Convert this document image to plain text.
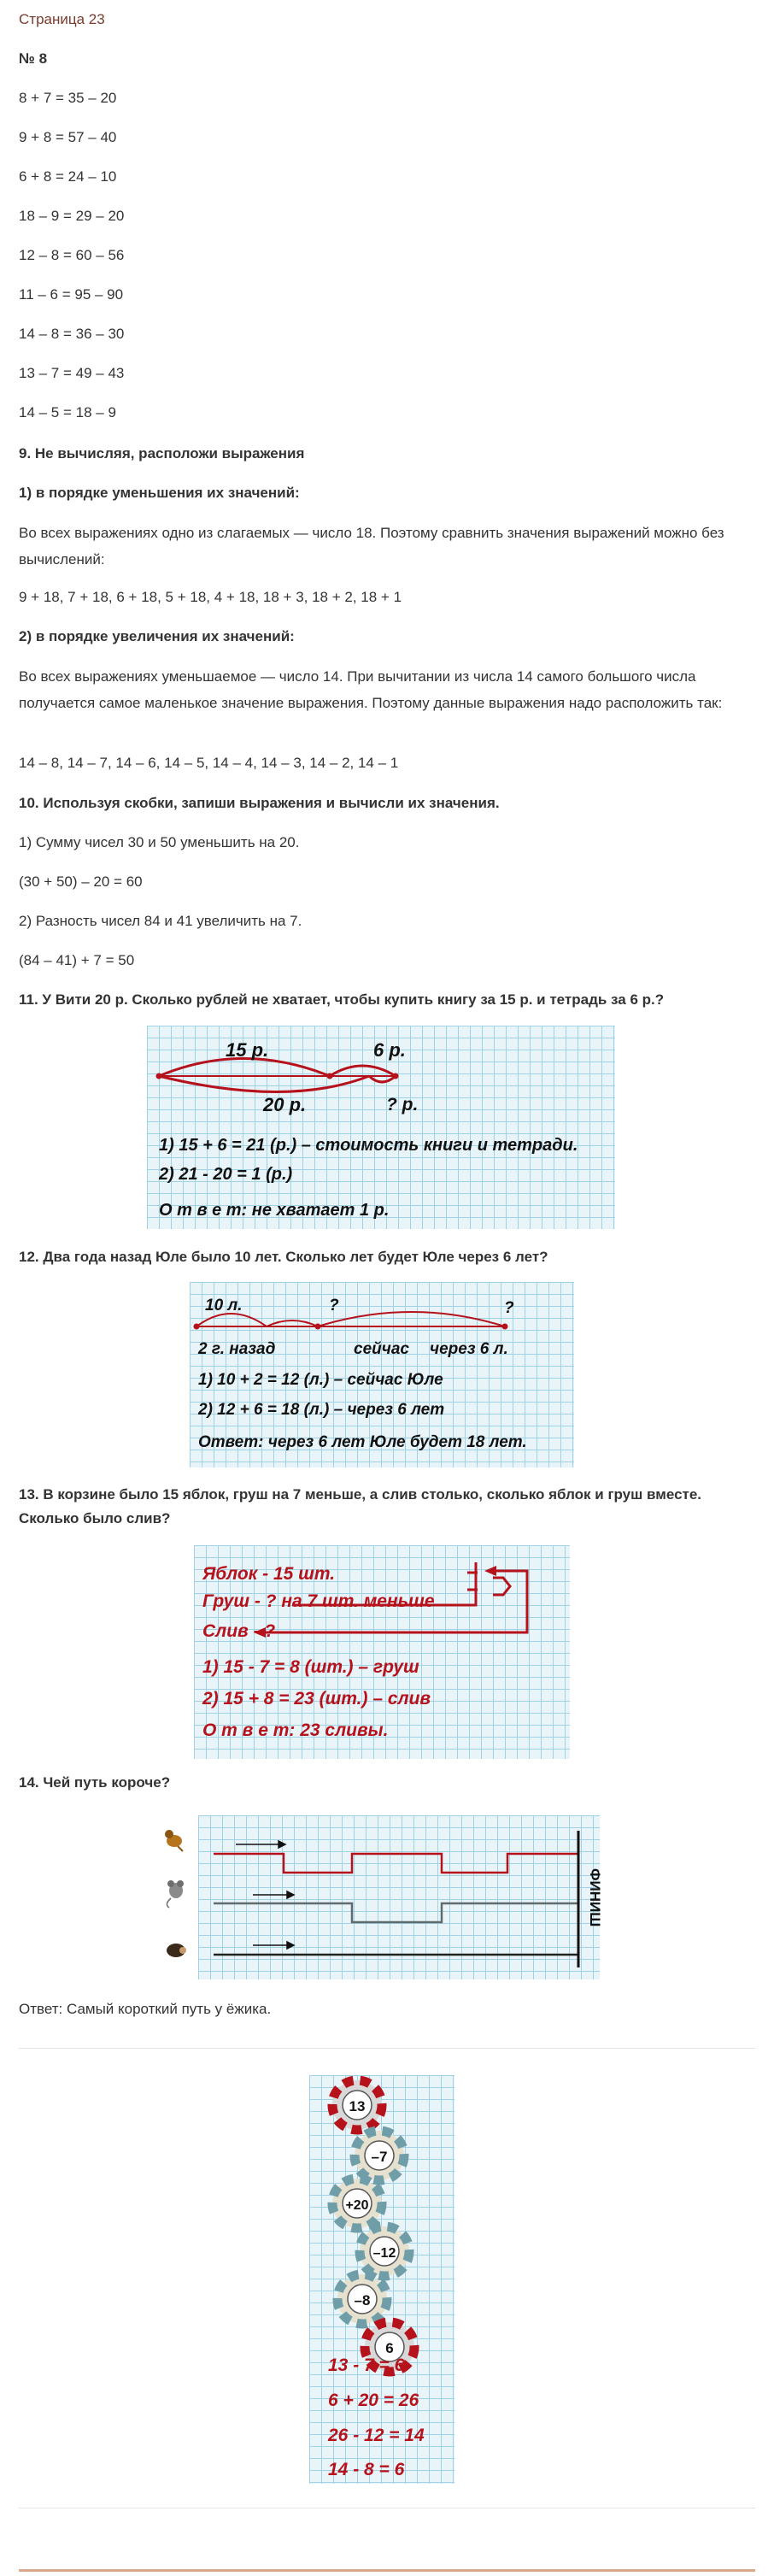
Страница 23

№ 8

8 + 7 = 35 – 20

9 + 8 = 57 – 40

6 + 8 = 24 – 10

18 – 9 = 29 – 20

12 – 8 = 60 – 56

11 – 6 = 95 – 90

14 – 8 = 36 – 30

13 – 7 = 49 – 43

14 – 5 = 18 – 9

9. Не вычисляя, расположи выражения

1) в порядке уменьшения их значений:

Во всех выражениях одно из слагаемых — число 18. Поэтому сравнить значения выражений можно без вычислений:

9 + 18, 7 + 18, 6 + 18, 5 + 18, 4 + 18, 18 + 3, 18 + 2, 18 + 1

2) в порядке увеличения их значений:

Во всех выражениях уменьшаемое — число 14. При вычитании из числа 14 самого большого числа получается самое маленькое значение выражения. Поэтому данные выражения надо расположить так:

14 – 8, 14 – 7, 14 – 6, 14 – 5, 14 – 4, 14 – 3, 14 – 2, 14 – 1

10. Используя скобки, запиши выражения и вычисли их значения.

1) Сумму чисел 30 и 50 уменьшить на 20.

(30 + 50) – 20 = 60

2) Разность чисел 84 и 41 увеличить на 7.

(84 – 41) + 7 = 50

11. У Вити 20 р. Сколько рублей не хватает, чтобы купить книгу за 15 р. и тетрадь за 6 р.?

15 р.	6 р.
20 р.	? р.
1) 15 + 6 = 21 (р.) – стоимость книги и тетради.
2) 21 - 20 = 1 (р.)
О т в е т: не хватает 1 р.

12. Два года назад Юле было 10 лет. Сколько лет будет Юле через 6 лет?

10 л.	?	?
2 г. назад	сейчас через 6 л.
1) 10 + 2 = 12 (л.) – сейчас Юле
2) 12 + 6 = 18 (л.) – через 6 лет
Ответ: через 6 лет Юле будет 18 лет.

13. В корзине было 15 яблок, груш на 7 меньше, а слив столько, сколько яблок и груш вместе.

Сколько было слив?

Яблок - 15 шт.
Груш - ? на 7 шт. меньше
Слив - ?
1) 15 - 7 = 8 (шт.) – груш
2) 15 + 8 = 23 (шт.) – слив
О т в е т: 23 сливы.

14. Чей путь короче?

ФИНИШ

Ответ: Самый короткий путь у ёжика.

13
–7
+20
–12
–8
6
13 - 7 = 6
6 + 20 = 26
26 - 12 = 14
14 - 8 = 6
